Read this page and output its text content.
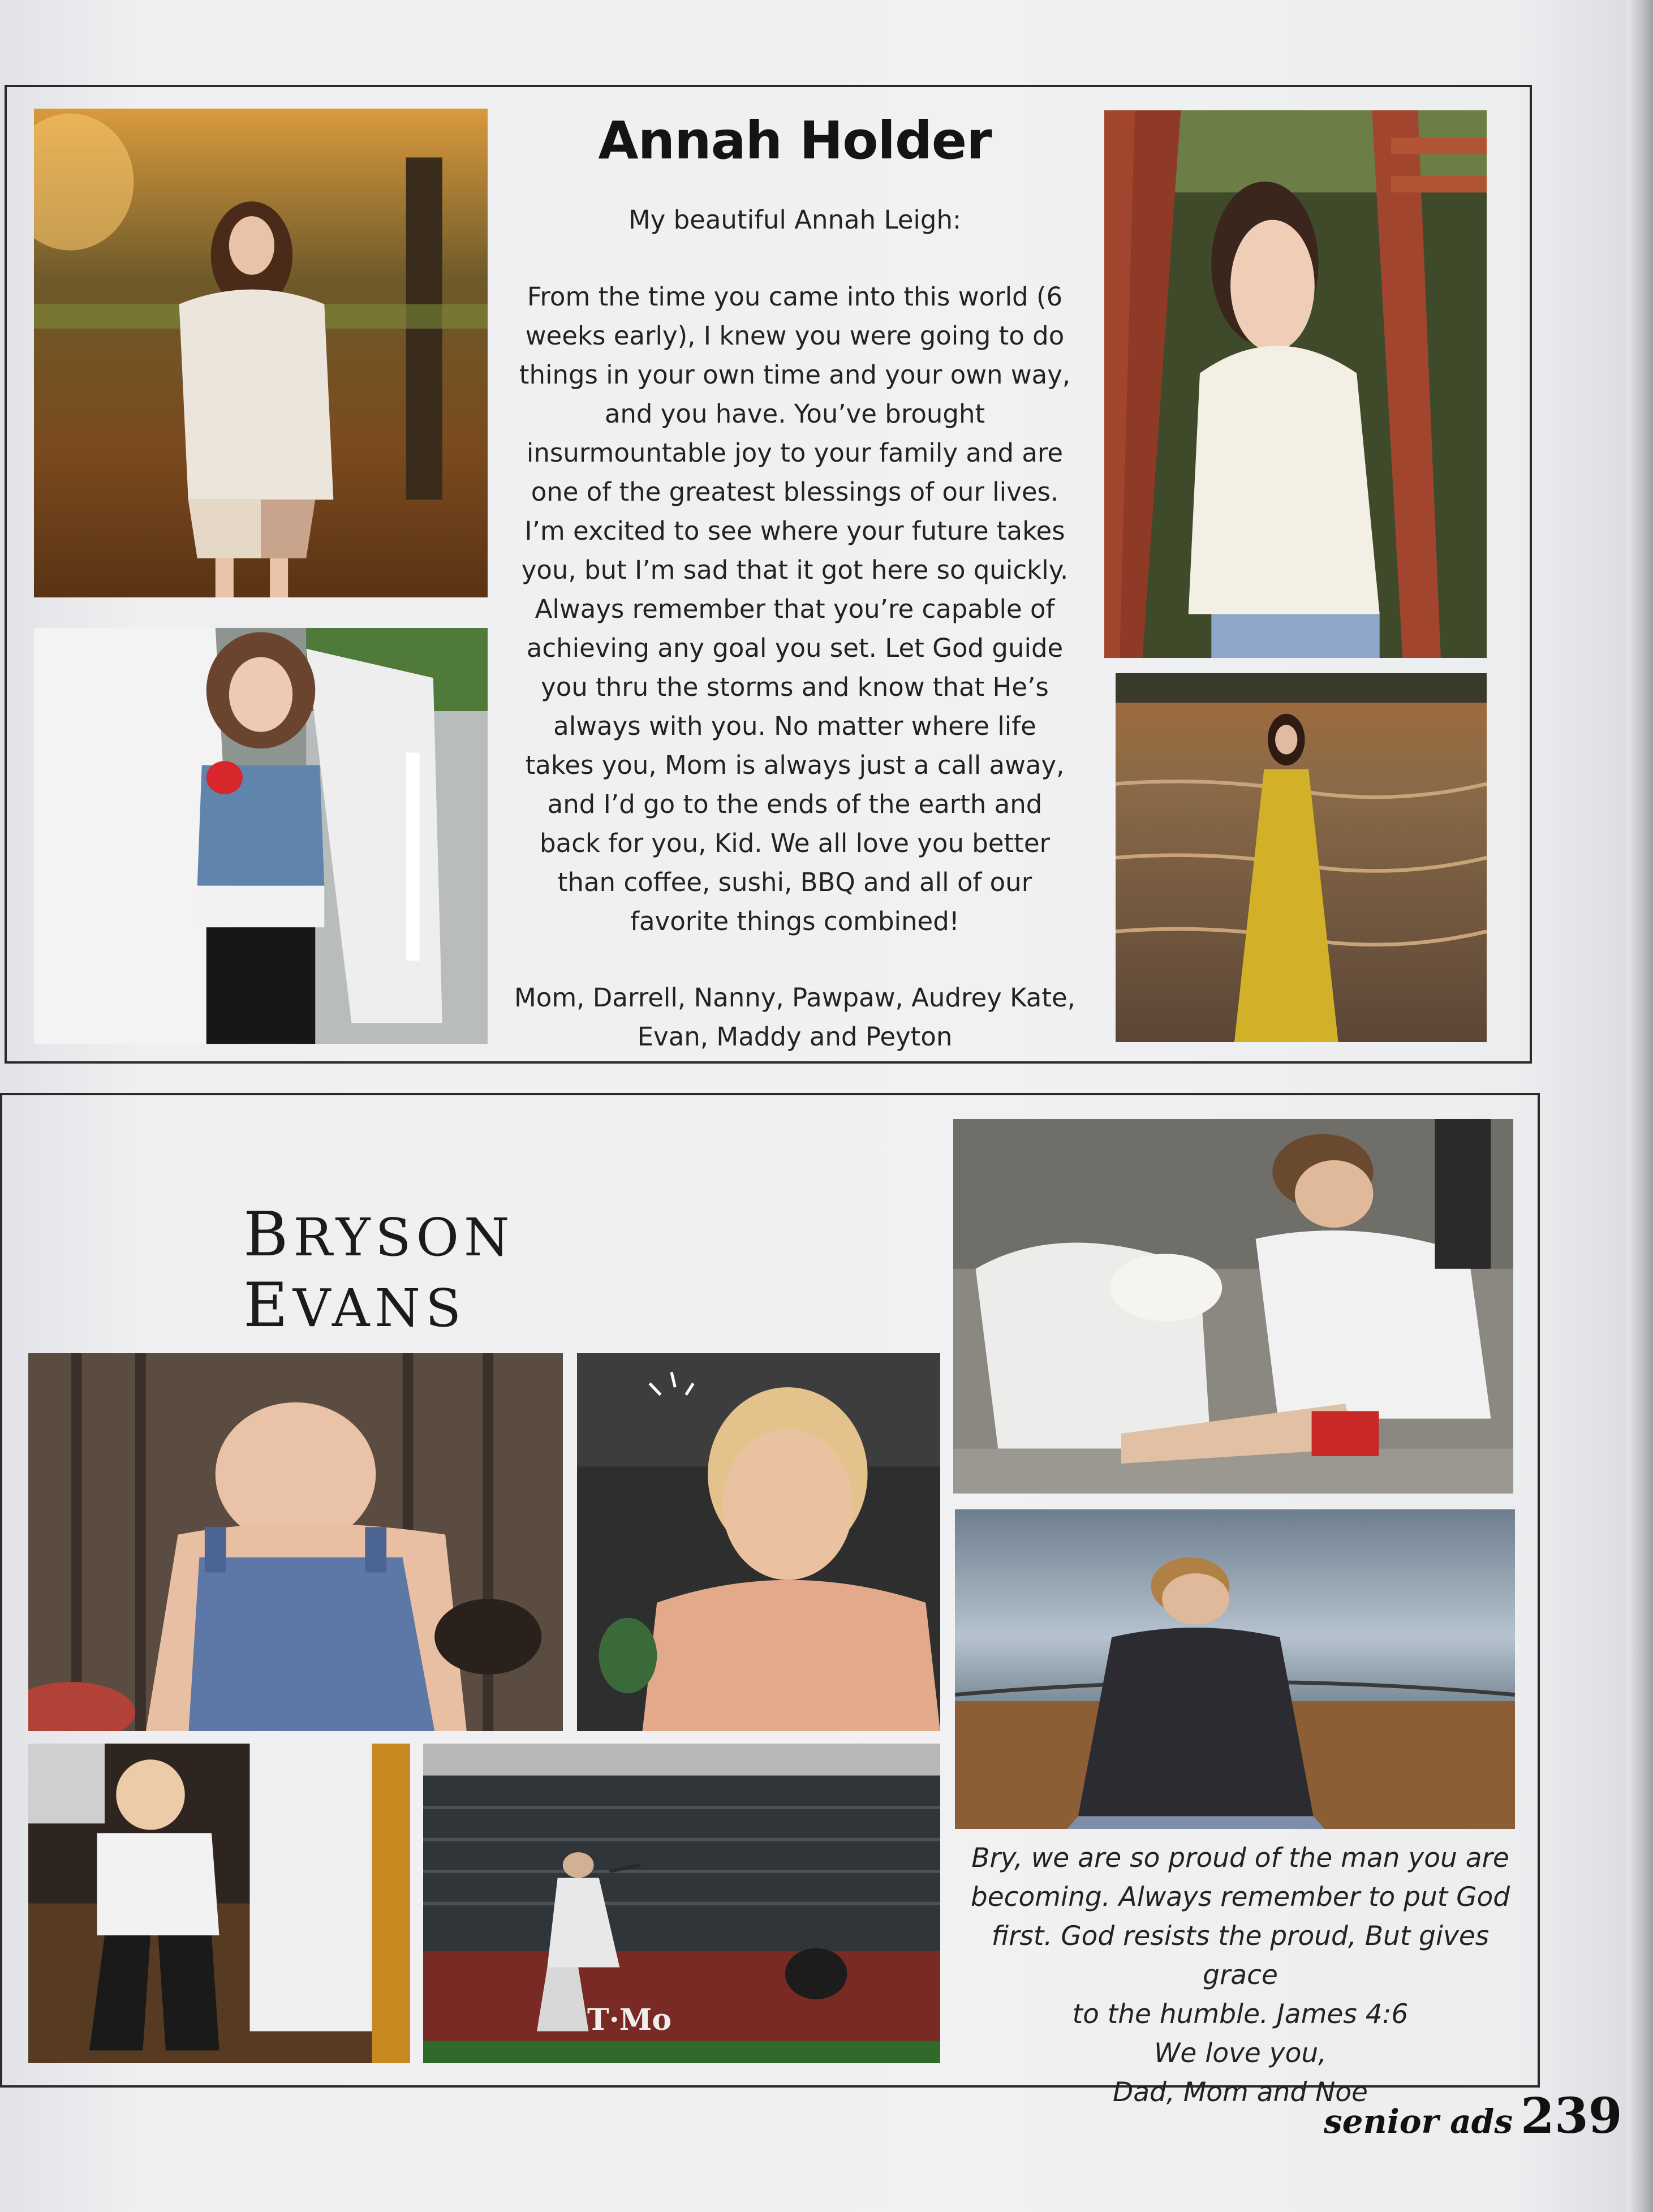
Annah Holder
My beautiful Annah Leigh:
From the time you came into this world (6
weeks early), I knew you were going to do
things in your own time and your own way,
and you have. You’ve brought
insurmountable joy to your family and are
one of the greatest blessings of our lives.
I’m excited to see where your future takes
you, but I’m sad that it got here so quickly.
Always remember that you’re capable of
achieving any goal you set. Let God guide
you thru the storms and know that He’s
always with you. No matter where life
takes you, Mom is always just a call away,
and I’d go to the ends of the earth and
back for you, Kid. We all love you better
than coffee, sushi, BBQ and all of our
favorite things combined!
Mom, Darrell, Nanny, Pawpaw, Audrey Kate,
Evan, Maddy and Peyton
BRYSON EVANS
T·Mo
Bry, we are so proud of the man you are
becoming. Always remember to put God
first. God resists the proud, But gives grace
to the humble. James 4:6
We love you,
Dad, Mom and Noe
senior ads 239
